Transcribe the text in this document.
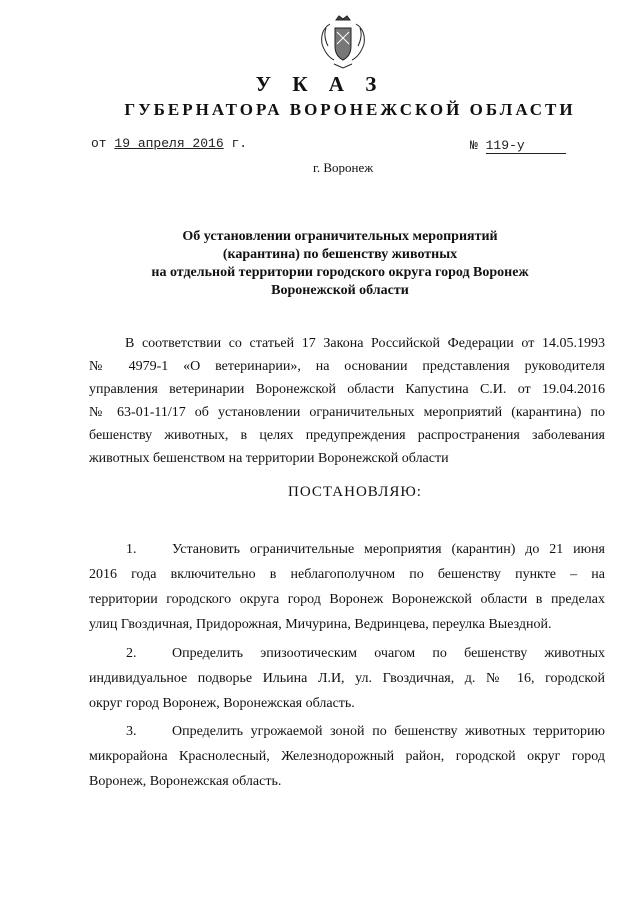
У К А З
ГУБЕРНАТОРА ВОРОНЕЖСКОЙ ОБЛАСТИ
от 19 апреля 2016 г.	№ 119-у
г. Воронеж
Об установлении ограничительных мероприятий
(карантина) по бешенству животных
на отдельной территории городского округа город Воронеж
Воронежской области
В соответствии со статьей 17 Закона Российской Федерации от 14.05.1993
№ 4979-1 «О ветеринарии», на основании представления руководителя
управления ветеринарии Воронежской области Капустина С.И. от 19.04.2016
№ 63-01-11/17 об установлении ограничительных мероприятий (карантина) по
бешенству животных, в целях предупреждения распространения заболевания
животных бешенством на территории Воронежской области
ПОСТАНОВЛЯЮ:
1.	Установить ограничительные мероприятия (карантин) до 21 июня
2016 года включительно в неблагополучном по бешенству пункте – на
территории городского округа город Воронеж Воронежской области в пределах
улиц Гвоздичная, Придорожная, Мичурина, Ведринцева, переулка Выездной.
2.	Определить эпизоотическим очагом по бешенству животных
индивидуальное подворье Ильина Л.И, ул. Гвоздичная, д. № 16, городской
округ город Воронеж, Воронежская область.
3.	Определить угрожаемой зоной по бешенству животных территорию
микрорайона Краснолесный, Железнодорожный район, городской округ город
Воронеж, Воронежская область.
